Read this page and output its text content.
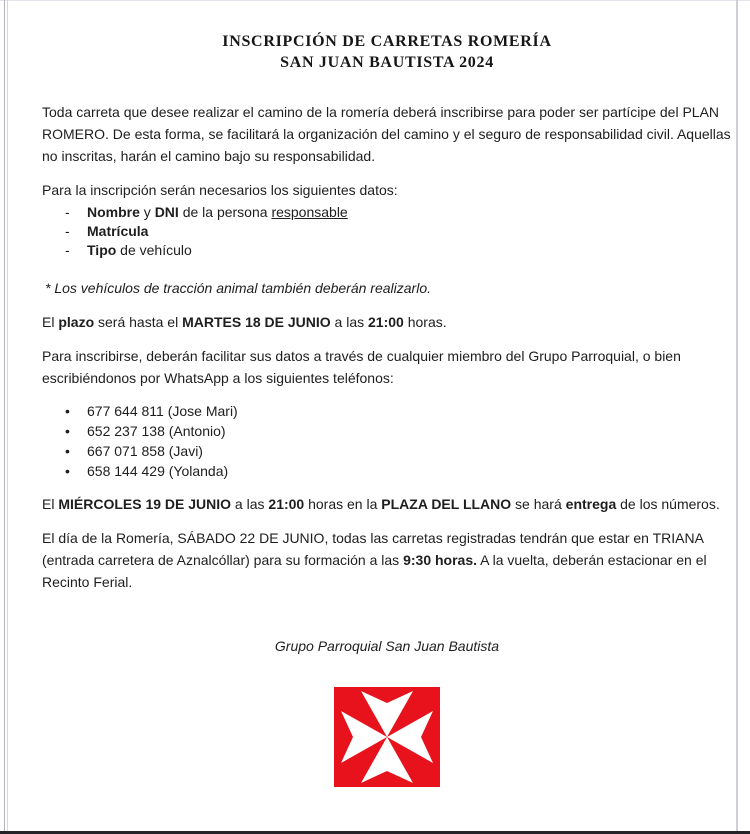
INSCRIPCIÓN DE CARRETAS ROMERÍA
SAN JUAN BAUTISTA 2024

Toda carreta que desee realizar el camino de la romería deberá inscribirse para poder ser partícipe del PLAN ROMERO. De esta forma, se facilitará la organización del camino y el seguro de responsabilidad civil. Aquellas no inscritas, harán el camino bajo su responsabilidad.

Para la inscripción serán necesarios los siguientes datos:

-	Nombre y DNI de la persona responsable
-	Matrícula
-	Tipo de vehículo

* Los vehículos de tracción animal también deberán realizarlo.

El plazo será hasta el MARTES 18 DE JUNIO a las 21:00 horas.

Para inscribirse, deberán facilitar sus datos a través de cualquier miembro del Grupo Parroquial, o bien escribiéndonos por WhatsApp a los siguientes teléfonos:

•	677 644 811 (Jose Mari)
•	652 237 138 (Antonio)
•	667 071 858 (Javi)
•	658 144 429 (Yolanda)

El MIÉRCOLES 19 DE JUNIO a las 21:00 horas en la PLAZA DEL LLANO se hará entrega de los números.

El día de la Romería, SÁBADO 22 DE JUNIO, todas las carretas registradas tendrán que estar en TRIANA (entrada carretera de Aznalcóllar) para su formación a las 9:30 horas. A la vuelta, deberán estacionar en el Recinto Ferial.

Grupo Parroquial San Juan Bautista
